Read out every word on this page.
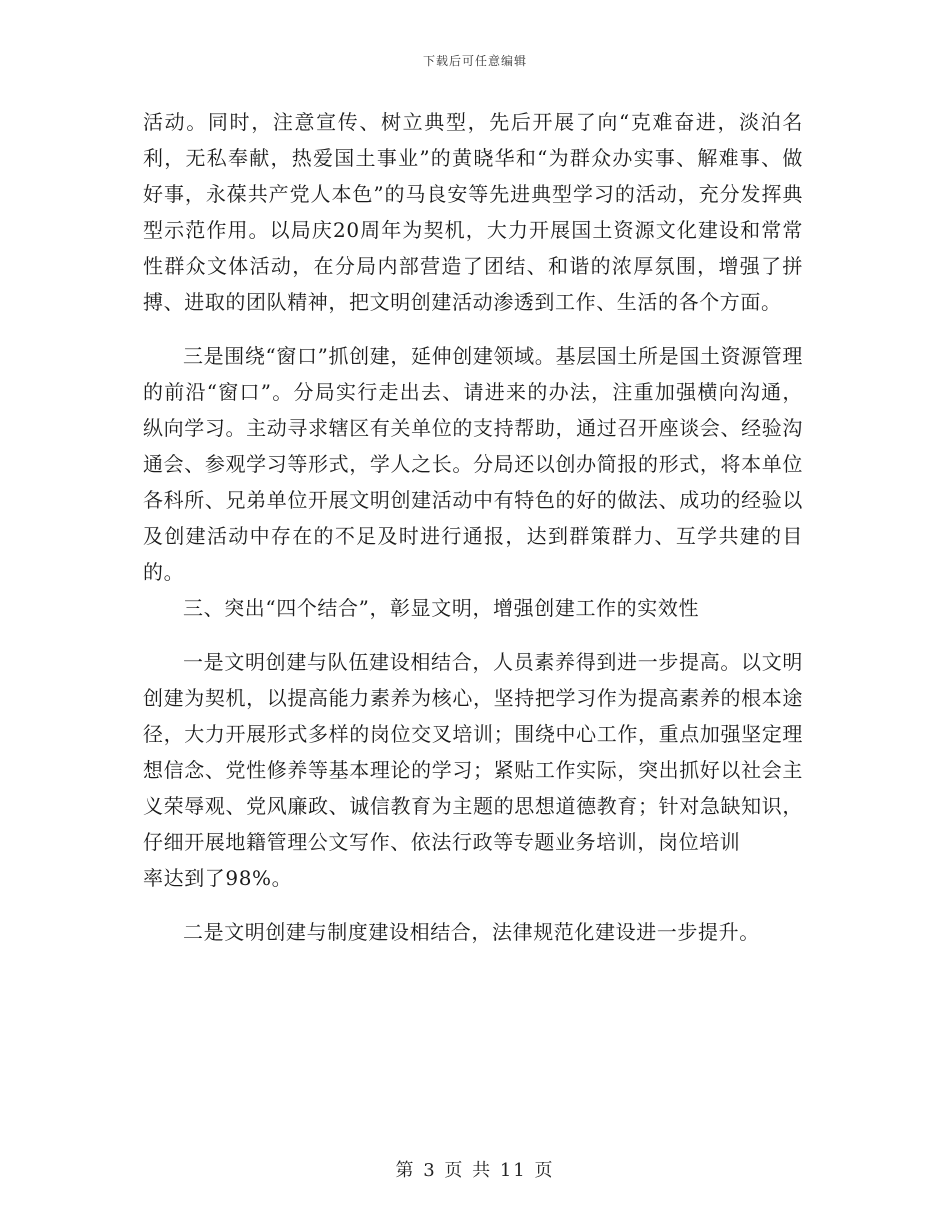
下载后可任意编辑

活动。同时，注意宣传、树立典型，先后开展了向“克难奋进，淡泊名利，无私奉献，热爱国土事业”的黄晓华和“为群众办实事、解难事、做好事，永葆共产党人本色”的马良安等先进典型学习的活动，充分发挥典型示范作用。以局庆20周年为契机，大力开展国土资源文化建设和常常性群众文体活动，在分局内部营造了团结、和谐的浓厚氛围，增强了拼搏、进取的团队精神，把文明创建活动渗透到工作、生活的各个方面。

三是围绕“窗口”抓创建，延伸创建领域。基层国土所是国土资源管理的前沿“窗口”。分局实行走出去、请进来的办法，注重加强横向沟通，纵向学习。主动寻求辖区有关单位的支持帮助，通过召开座谈会、经验沟通会、参观学习等形式，学人之长。分局还以创办简报的形式，将本单位各科所、兄弟单位开展文明创建活动中有特色的好的做法、成功的经验以及创建活动中存在的不足及时进行通报，达到群策群力、互学共建的目的。

三、突出“四个结合”，彰显文明，增强创建工作的实效性

一是文明创建与队伍建设相结合，人员素养得到进一步提高。以文明创建为契机，以提高能力素养为核心，坚持把学习作为提高素养的根本途径，大力开展形式多样的岗位交叉培训；围绕中心工作，重点加强坚定理想信念、党性修养等基本理论的学习；紧贴工作实际，突出抓好以社会主义荣辱观、党风廉政、诚信教育为主题的思想道德教育；针对急缺知识，仔细开展地籍管理公文写作、依法行政等专题业务培训，岗位培训

率达到了98%。

二是文明创建与制度建设相结合，法律规范化建设进一步提升。

第 3 页 共 11 页
